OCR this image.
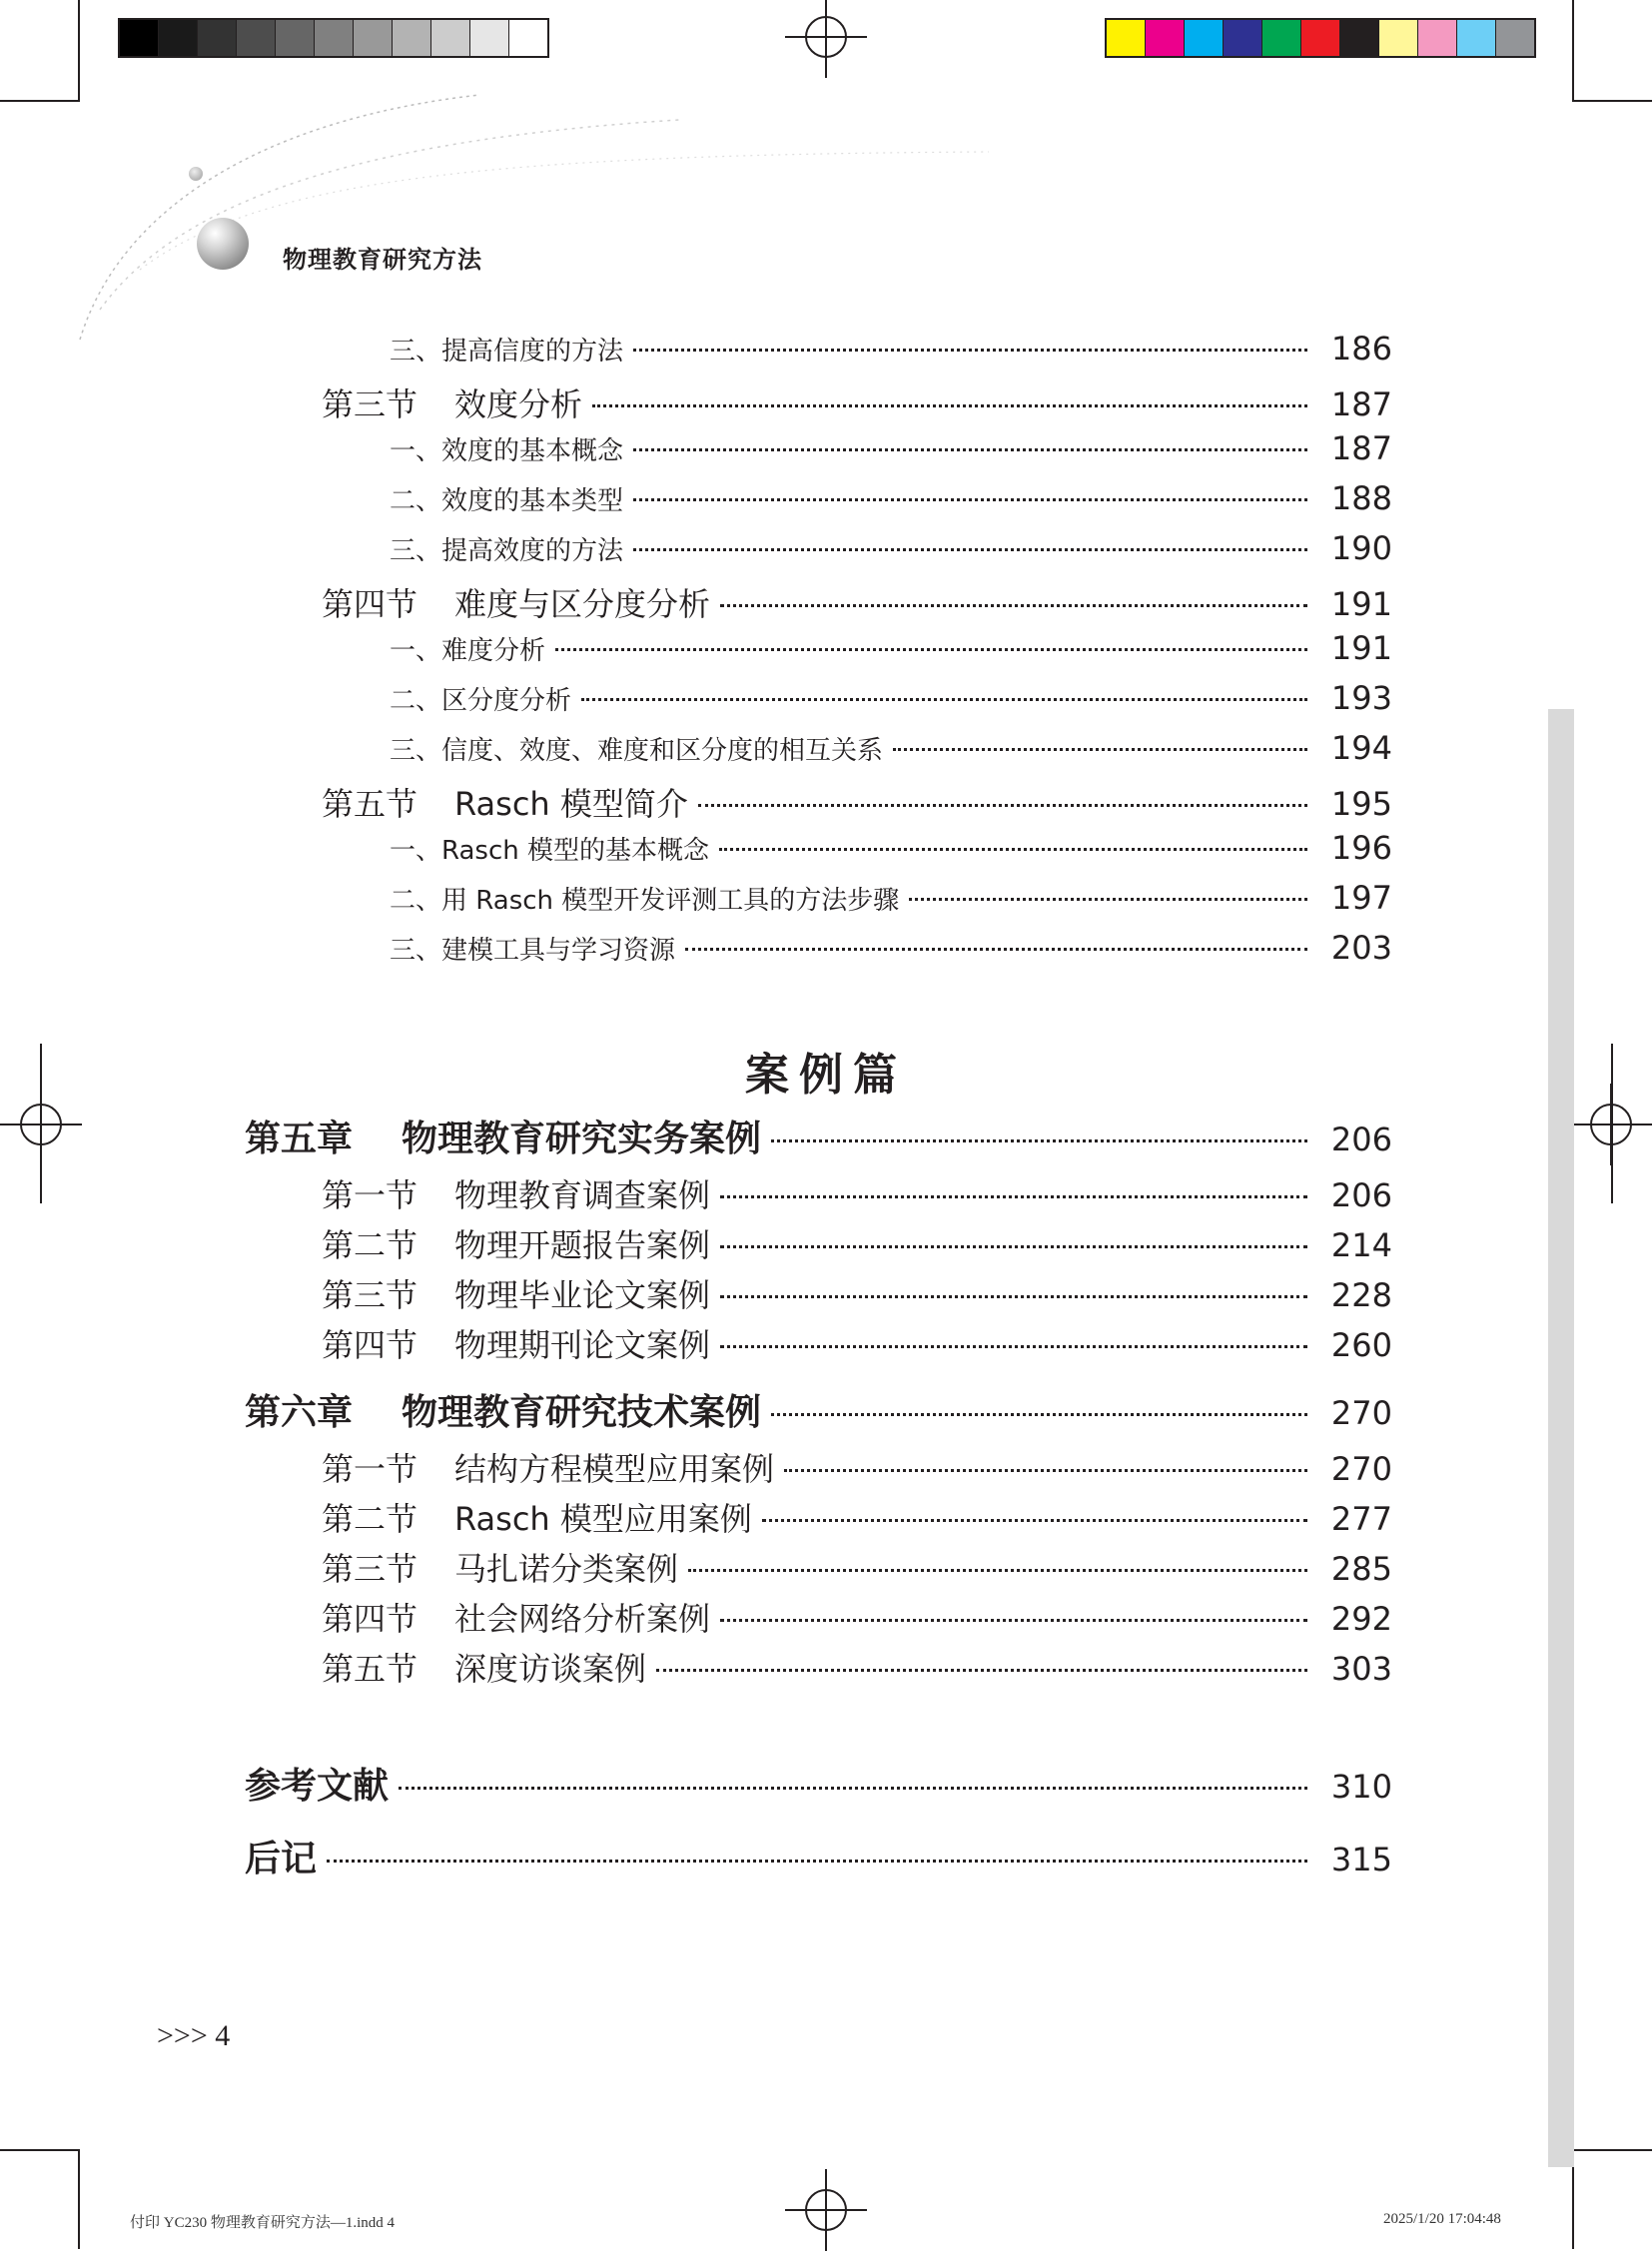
物理教育研究方法
三、提高信度的方法	186
第三节 效度分析	187
一、效度的基本概念	187
二、效度的基本类型	188
三、提高效度的方法	190
第四节 难度与区分度分析	191
一、难度分析	191
二、区分度分析	193
三、信度、效度、难度和区分度的相互关系	194
第五节 Rasch 模型简介	195
一、Rasch 模型的基本概念	196
二、用 Rasch 模型开发评测工具的方法步骤	197
三、建模工具与学习资源	203
第五章 物理教育研究实务案例	206
第一节 物理教育调查案例	206
第二节 物理开题报告案例	214
第三节 物理毕业论文案例	228
第四节 物理期刊论文案例	260
第六章 物理教育研究技术案例	270
第一节 结构方程模型应用案例	270
第二节 Rasch 模型应用案例	277
第三节 马扎诺分类案例	285
第四节 社会网络分析案例	292
第五节 深度访谈案例	303
参考文献	310
后记	315
案例篇
>>> 4
付印 YC230 物理教育研究方法—1.indd 4	2025/1/20 17:04:48
